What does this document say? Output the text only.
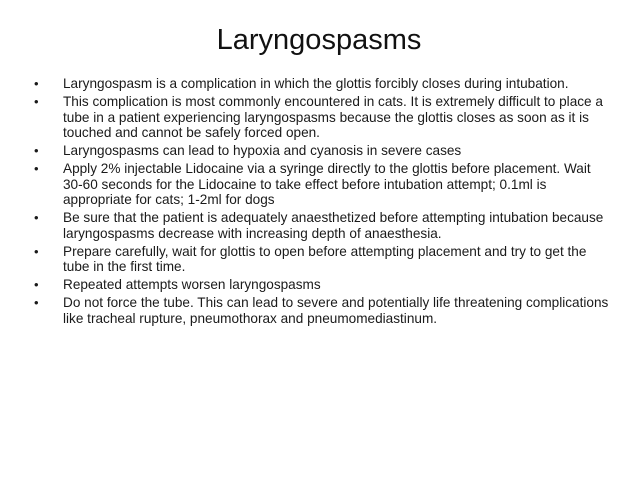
Laryngospasms
• Laryngospasm is a complication in which the glottis forcibly closes during intubation.
• This complication is most commonly encountered in cats. It is extremely difficult to place a tube in a patient experiencing laryngospasms because the glottis closes as soon as it is touched and cannot be safely forced open.
• Laryngospasms can lead to hypoxia and cyanosis in severe cases
• Apply 2% injectable Lidocaine via a syringe directly to the glottis before placement. Wait 30-60 seconds for the Lidocaine to take effect before intubation attempt; 0.1ml is appropriate for cats; 1-2ml for dogs
• Be sure that the patient is adequately anaesthetized before attempting intubation because laryngospasms decrease with increasing depth of anaesthesia.
• Prepare carefully, wait for glottis to open before attempting placement and try to get the tube in the first time.
• Repeated attempts worsen laryngospasms
• Do not force the tube. This can lead to severe and potentially life threatening complications like tracheal rupture, pneumothorax and pneumomediastinum.
